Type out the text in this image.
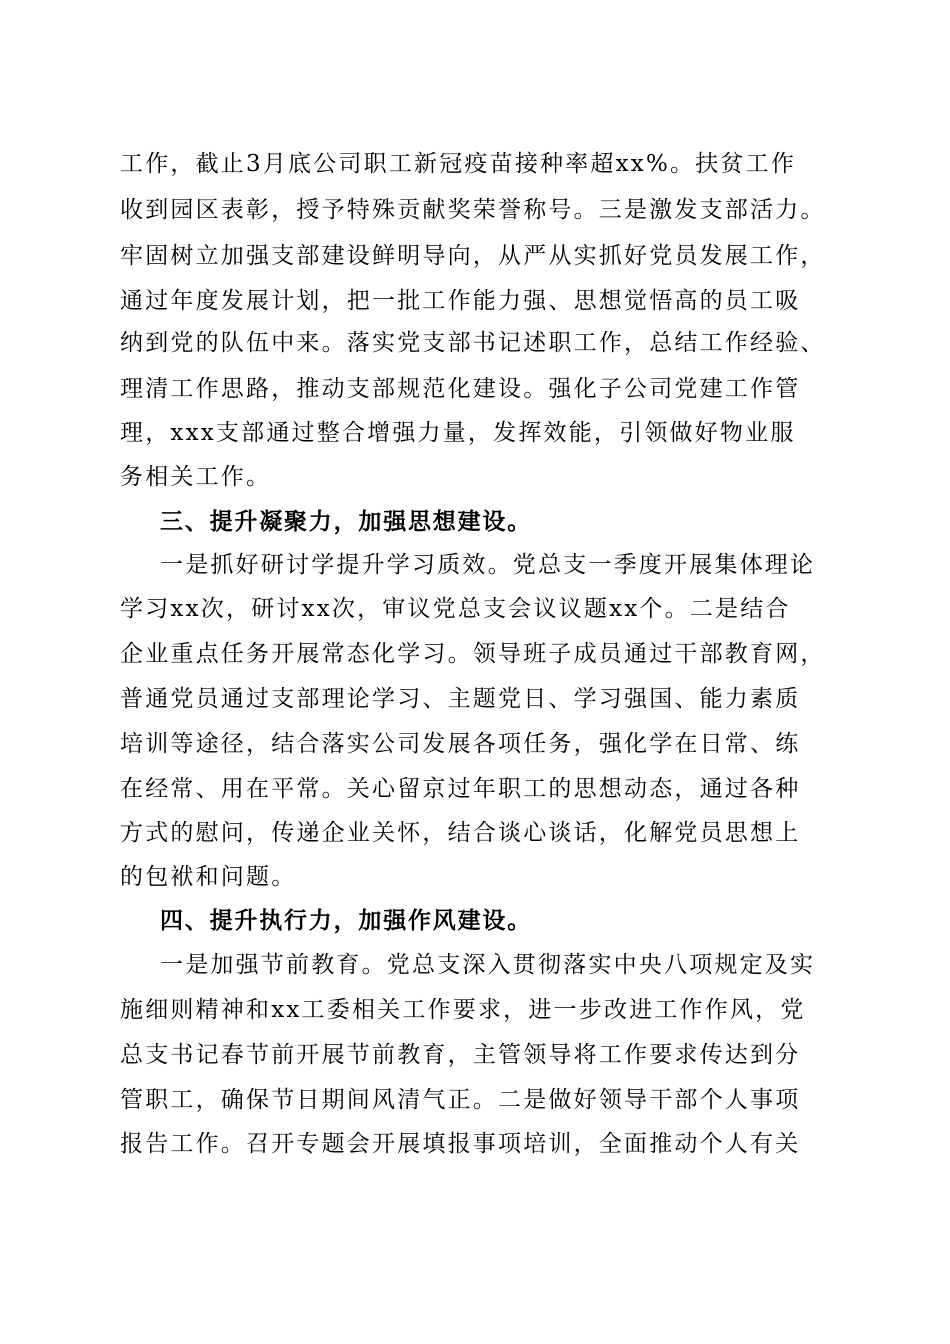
工作，截止3月底公司职工新冠疫苗接种率超xx%。扶贫工作
收到园区表彰，授予特殊贡献奖荣誉称号。三是激发支部活力。
牢固树立加强支部建设鲜明导向，从严从实抓好党员发展工作，
通过年度发展计划，把一批工作能力强、思想觉悟高的员工吸
纳到党的队伍中来。落实党支部书记述职工作，总结工作经验、
理清工作思路，推动支部规范化建设。强化子公司党建工作管
理，xxx支部通过整合增强力量，发挥效能，引领做好物业服
务相关工作。
三、提升凝聚力，加强思想建设。
一是抓好研讨学提升学习质效。党总支一季度开展集体理论
学习xx次，研讨xx次，审议党总支会议议题xx个。二是结合
企业重点任务开展常态化学习。领导班子成员通过干部教育网，
普通党员通过支部理论学习、主题党日、学习强国、能力素质
培训等途径，结合落实公司发展各项任务，强化学在日常、练
在经常、用在平常。关心留京过年职工的思想动态，通过各种
方式的慰问，传递企业关怀，结合谈心谈话，化解党员思想上
的包袱和问题。
四、提升执行力，加强作风建设。
一是加强节前教育。党总支深入贯彻落实中央八项规定及实
施细则精神和xx工委相关工作要求，进一步改进工作作风，党
总支书记春节前开展节前教育，主管领导将工作要求传达到分
管职工，确保节日期间风清气正。二是做好领导干部个人事项
报告工作。召开专题会开展填报事项培训，全面推动个人有关
